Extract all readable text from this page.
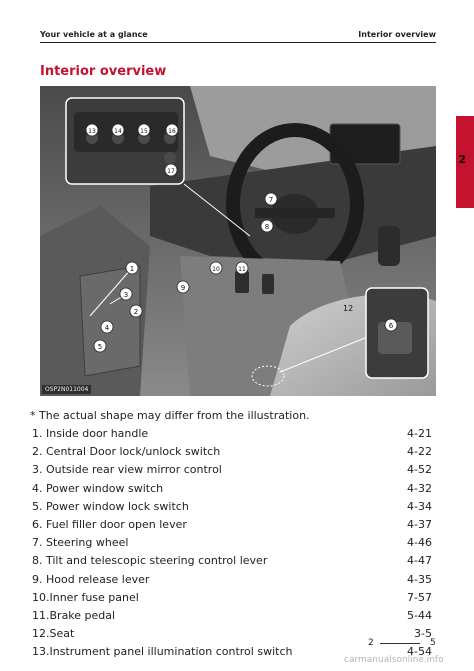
Your vehicle at a glance	Interior overview
Interior overview
2
1
2
3
4
5
6
7
8
9
10	11
12
13	14	15	16
17
OSP2N011004
* The actual shape may differ from the illustration.
1. Inside door handle	4-21
2. Central Door lock/unlock switch	4-22
3. Outside rear view mirror control	4-52
4. Power window switch	4-32
5. Power window lock switch	4-34
6. Fuel filler door open lever	4-37
7. Steering wheel	4-46
8. Tilt and telescopic steering control lever	4-47
9. Hood release lever	4-35
10.Inner fuse panel	7-57
11.Brake pedal	5-44
12.Seat	3-5
13.Instrument panel illumination control switch	4-54
2	5
carmanualsonline.info
